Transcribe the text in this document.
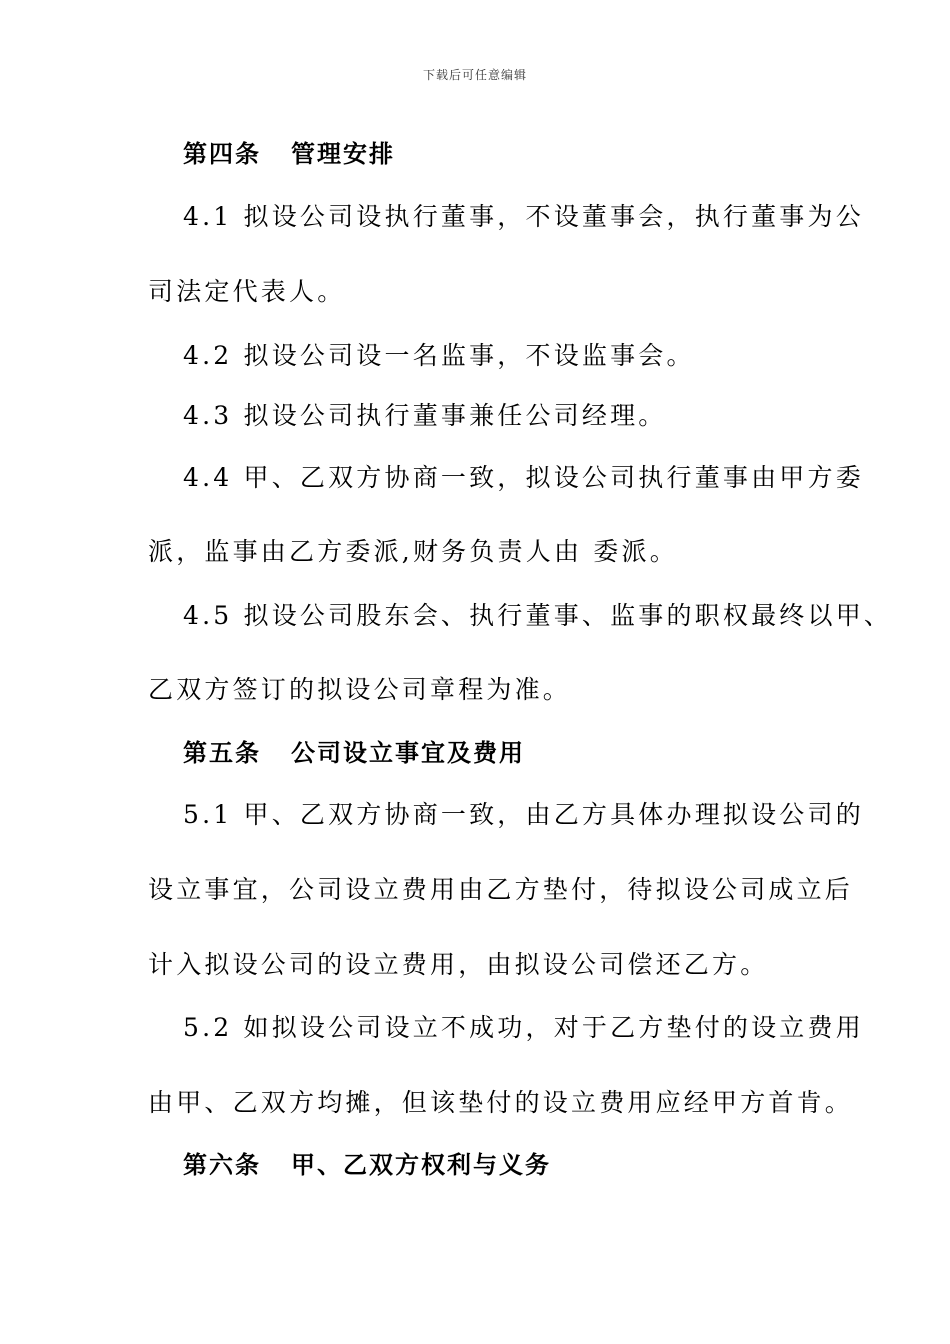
下载后可任意编辑
第四条 管理安排
4.1 拟设公司设执行董事，不设董事会，执行董事为公
司法定代表人。
4.2 拟设公司设一名监事，不设监事会。
4.3 拟设公司执行董事兼任公司经理。
4.4 甲、乙双方协商一致，拟设公司执行董事由甲方委
派，监事由乙方委派,财务负责人由 委派。
4.5 拟设公司股东会、执行董事、监事的职权最终以甲、
乙双方签订的拟设公司章程为准。
第五条 公司设立事宜及费用
5.1 甲、乙双方协商一致，由乙方具体办理拟设公司的
设立事宜，公司设立费用由乙方垫付，待拟设公司成立后
计入拟设公司的设立费用，由拟设公司偿还乙方。
5.2 如拟设公司设立不成功，对于乙方垫付的设立费用
由甲、乙双方均摊，但该垫付的设立费用应经甲方首肯。
第六条 甲、乙双方权利与义务
